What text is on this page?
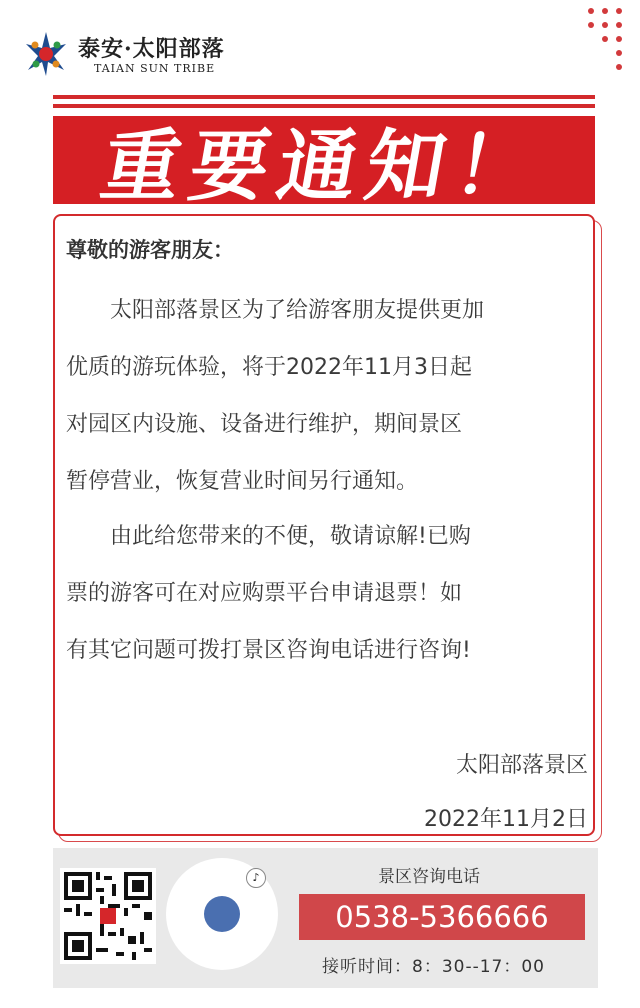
泰安·太阳部落
TAIAN SUN TRIBE
重要通知！
尊敬的游客朋友：
　　太阳部落景区为了给游客朋友提供更加
优质的游玩体验，将于2022年11月3日起
对园区内设施、设备进行维护，期间景区
暂停营业，恢复营业时间另行通知。
　　由此给您带来的不便，敬请谅解!已购
票的游客可在对应购票平台申请退票！如
有其它问题可拨打景区咨询电话进行咨询!
太阳部落景区
2022年11月2日
♪	景区咨询电话
0538-5366666
接听时间：8：30--17：00
